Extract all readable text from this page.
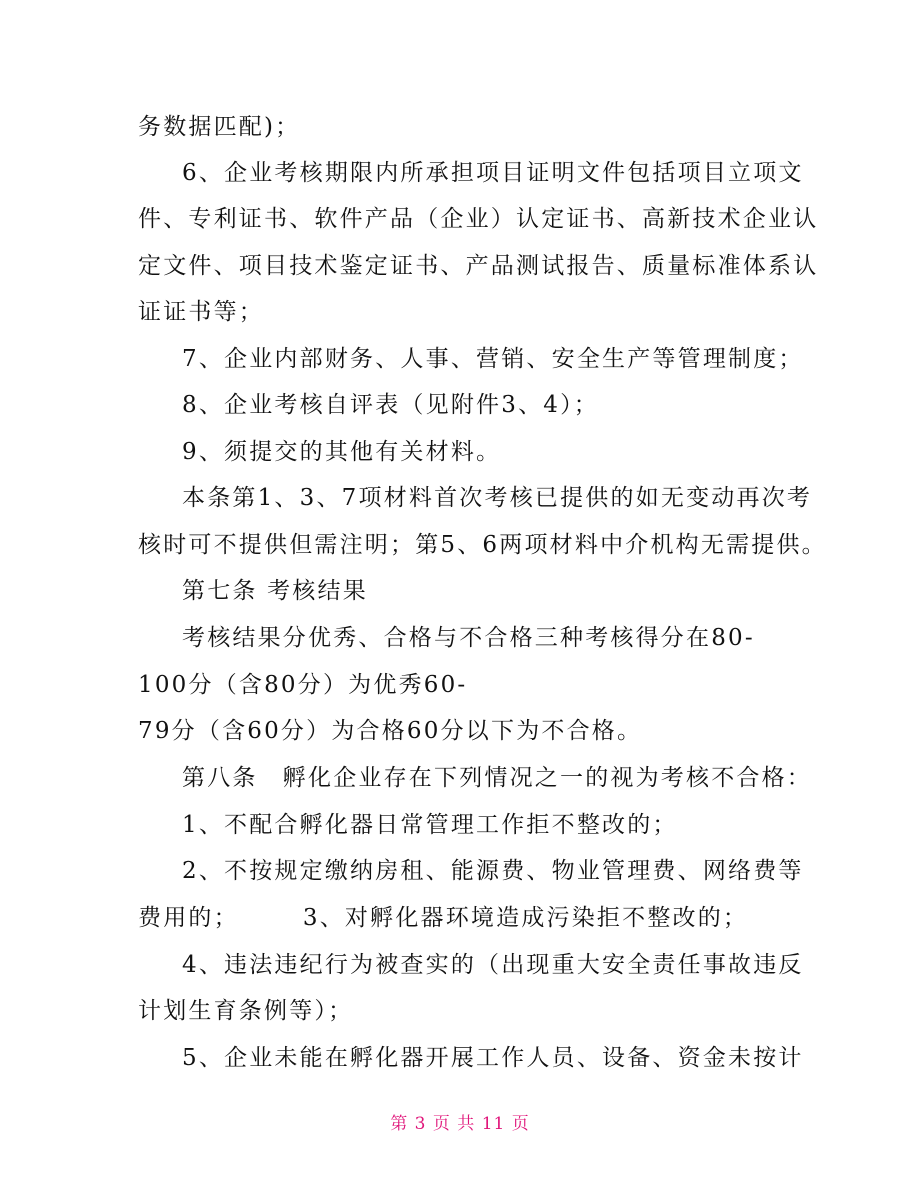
务数据匹配)；
6、企业考核期限内所承担项目证明文件包括项目立项文
件、专利证书、软件产品（企业）认定证书、高新技术企业认
定文件、项目技术鉴定证书、产品测试报告、质量标准体系认
证证书等；
7、企业内部财务、人事、营销、安全生产等管理制度；
8、企业考核自评表（见附件3、4）；
9、须提交的其他有关材料。
本条第1、3、7项材料首次考核已提供的如无变动再次考
核时可不提供但需注明；第5、6两项材料中介机构无需提供。
第七条 考核结果
考核结果分优秀、合格与不合格三种考核得分在80-
100分（含80分）为优秀60-
79分（含60分）为合格60分以下为不合格。
第八条　孵化企业存在下列情况之一的视为考核不合格：
1、不配合孵化器日常管理工作拒不整改的；
2、不按规定缴纳房租、能源费、物业管理费、网络费等
费用的；　　　3、对孵化器环境造成污染拒不整改的；
4、违法违纪行为被查实的（出现重大安全责任事故违反
计划生育条例等）；
5、企业未能在孵化器开展工作人员、设备、资金未按计
第 3 页 共 11 页
